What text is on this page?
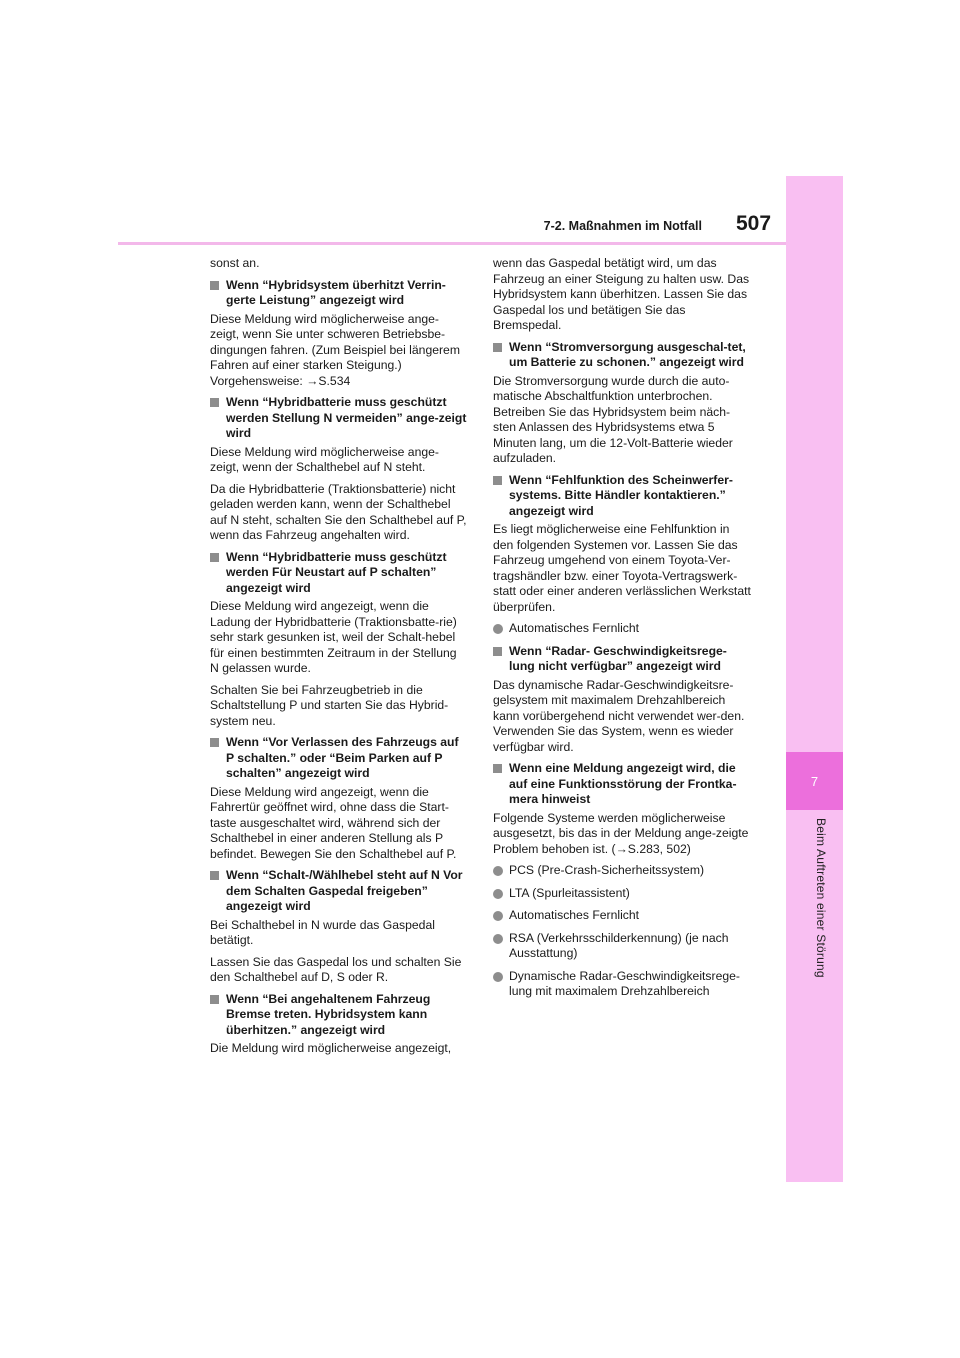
7
Beim Auftreten einer Störung
7-2. Maßnahmen im Notfall 507

sonst an.

Wenn “Hybridsystem überhitzt Verrin-gerte Leistung” angezeigt wird

Diese Meldung wird möglicherweise ange-zeigt, wenn Sie unter schweren Betriebsbe-dingungen fahren. (Zum Beispiel bei längerem Fahren auf einer starken Steigung.) Vorgehensweise: →S.534

Wenn “Hybridbatterie muss geschützt werden Stellung N vermeiden” ange-zeigt wird

Diese Meldung wird möglicherweise ange-zeigt, wenn der Schalthebel auf N steht.

Da die Hybridbatterie (Traktionsbatterie) nicht geladen werden kann, wenn der Schalthebel auf N steht, schalten Sie den Schalthebel auf P, wenn das Fahrzeug angehalten wird.

Wenn “Hybridbatterie muss geschützt werden Für Neustart auf P schalten” angezeigt wird

Diese Meldung wird angezeigt, wenn die Ladung der Hybridbatterie (Traktionsbatte-rie) sehr stark gesunken ist, weil der Schalt-hebel für einen bestimmten Zeitraum in der Stellung N gelassen wurde.

Schalten Sie bei Fahrzeugbetrieb in die Schaltstellung P und starten Sie das Hybrid-system neu.

Wenn “Vor Verlassen des Fahrzeugs auf P schalten.” oder “Beim Parken auf P schalten” angezeigt wird

Diese Meldung wird angezeigt, wenn die Fahrertür geöffnet wird, ohne dass die Start-taste ausgeschaltet wird, während sich der Schalthebel in einer anderen Stellung als P befindet. Bewegen Sie den Schalthebel auf P.

Wenn “Schalt-/Wählhebel steht auf N Vor dem Schalten Gaspedal freigeben” angezeigt wird

Bei Schalthebel in N wurde das Gaspedal betätigt.

Lassen Sie das Gaspedal los und schalten Sie den Schalthebel auf D, S oder R.

Wenn “Bei angehaltenem Fahrzeug Bremse treten. Hybridsystem kann überhitzen.” angezeigt wird

Die Meldung wird möglicherweise angezeigt,

wenn das Gaspedal betätigt wird, um das Fahrzeug an einer Steigung zu halten usw. Das Hybridsystem kann überhitzen. Lassen Sie das Gaspedal los und betätigen Sie das Bremspedal.

Wenn “Stromversorgung ausgeschal-tet, um Batterie zu schonen.” angezeigt wird

Die Stromversorgung wurde durch die auto-matische Abschaltfunktion unterbrochen. Betreiben Sie das Hybridsystem beim näch-sten Anlassen des Hybridsystems etwa 5 Minuten lang, um die 12-Volt-Batterie wieder aufzuladen.

Wenn “Fehlfunktion des Scheinwerfer-systems. Bitte Händler kontaktieren.” angezeigt wird

Es liegt möglicherweise eine Fehlfunktion in den folgenden Systemen vor. Lassen Sie das Fahrzeug umgehend von einem Toyota-Ver-tragshändler bzw. einer Toyota-Vertragswerk-statt oder einer anderen verlässlichen Werkstatt überprüfen.

Automatisches Fernlicht
Wenn “Radar- Geschwindigkeitsrege-lung nicht verfügbar” angezeigt wird

Das dynamische Radar-Geschwindigkeitsre-gelsystem mit maximalem Drehzahlbereich kann vorübergehend nicht verwendet wer-den. Verwenden Sie das System, wenn es wieder verfügbar wird.

Wenn eine Meldung angezeigt wird, die auf eine Funktionsstörung der Frontka-mera hinweist

Folgende Systeme werden möglicherweise ausgesetzt, bis das in der Meldung ange-zeigte Problem behoben ist. (→S.283, 502)

PCS (Pre-Crash-Sicherheitssystem)
LTA (Spurleitassistent)
Automatisches Fernlicht
RSA (Verkehrsschilderkennung) (je nach Ausstattung)
Dynamische Radar-Geschwindigkeitsrege-lung mit maximalem Drehzahlbereich
